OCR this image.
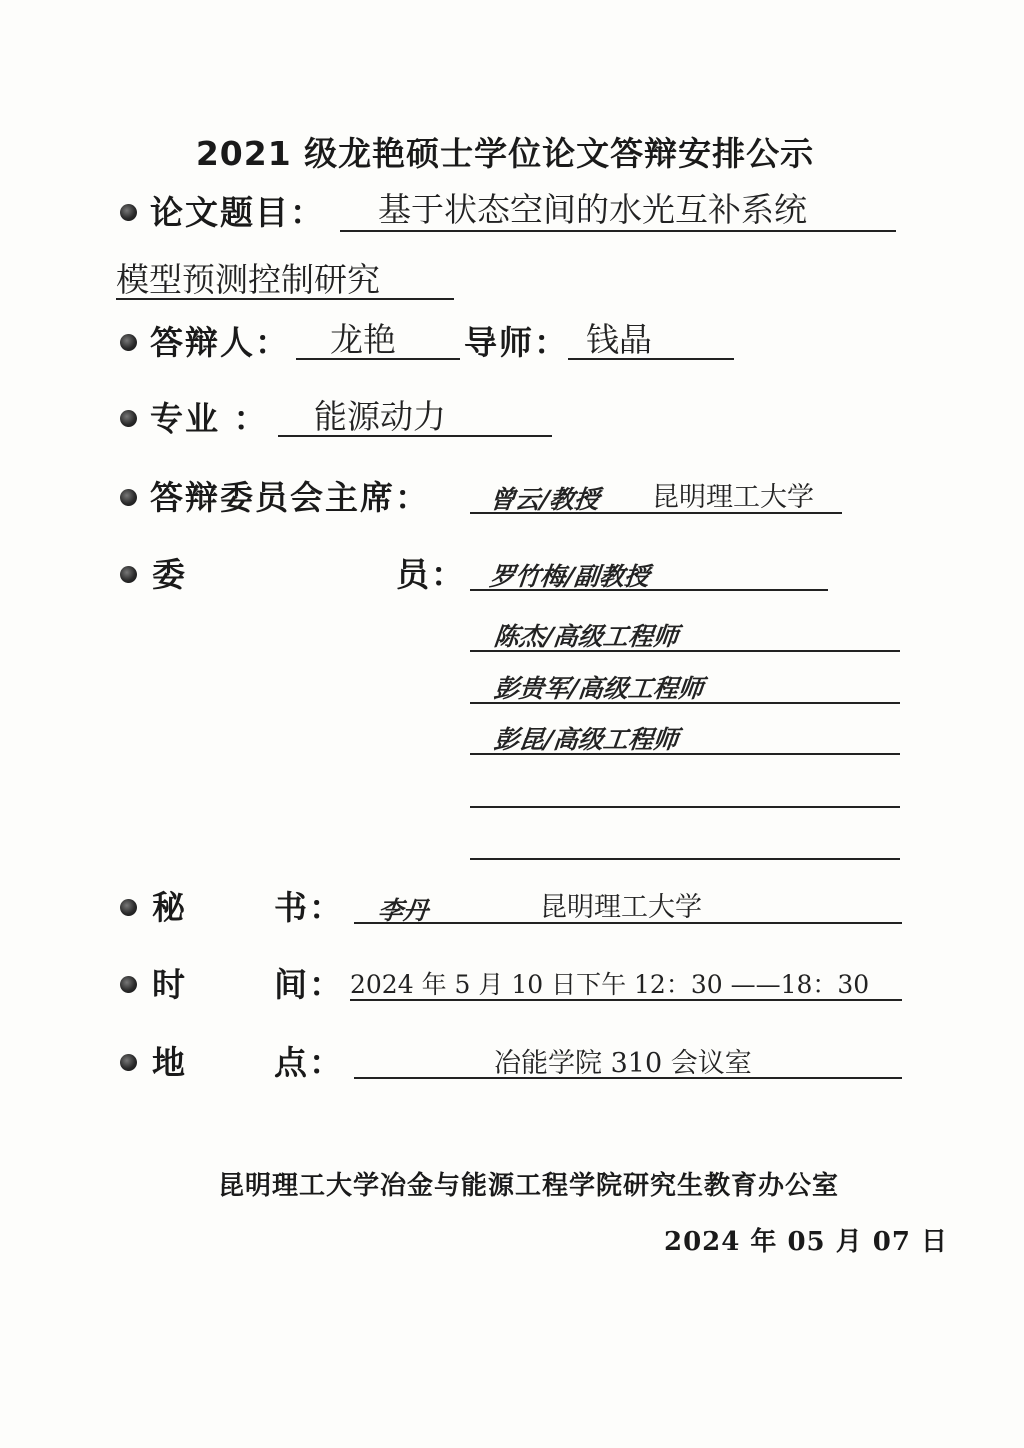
2021 级龙艳硕士学位论文答辩安排公示
论文题目： 基于状态空间的水光互补系统
模型预测控制研究
答辩人： 龙艳 导师： 钱晶
专业 ： 能源动力
答辩委员会主席： 曾云/教授 昆明理工大学
委	员： 罗竹梅/副教授
陈杰/高级工程师
彭贵军/高级工程师
彭昆/高级工程师
秘	书： 李丹	昆明理工大学
时	间： 2024 年 5 月 10 日下午 12：30 ——18：30
地	点：	冶能学院 310 会议室
昆明理工大学冶金与能源工程学院研究生教育办公室
2024 年 05 月 07 日
